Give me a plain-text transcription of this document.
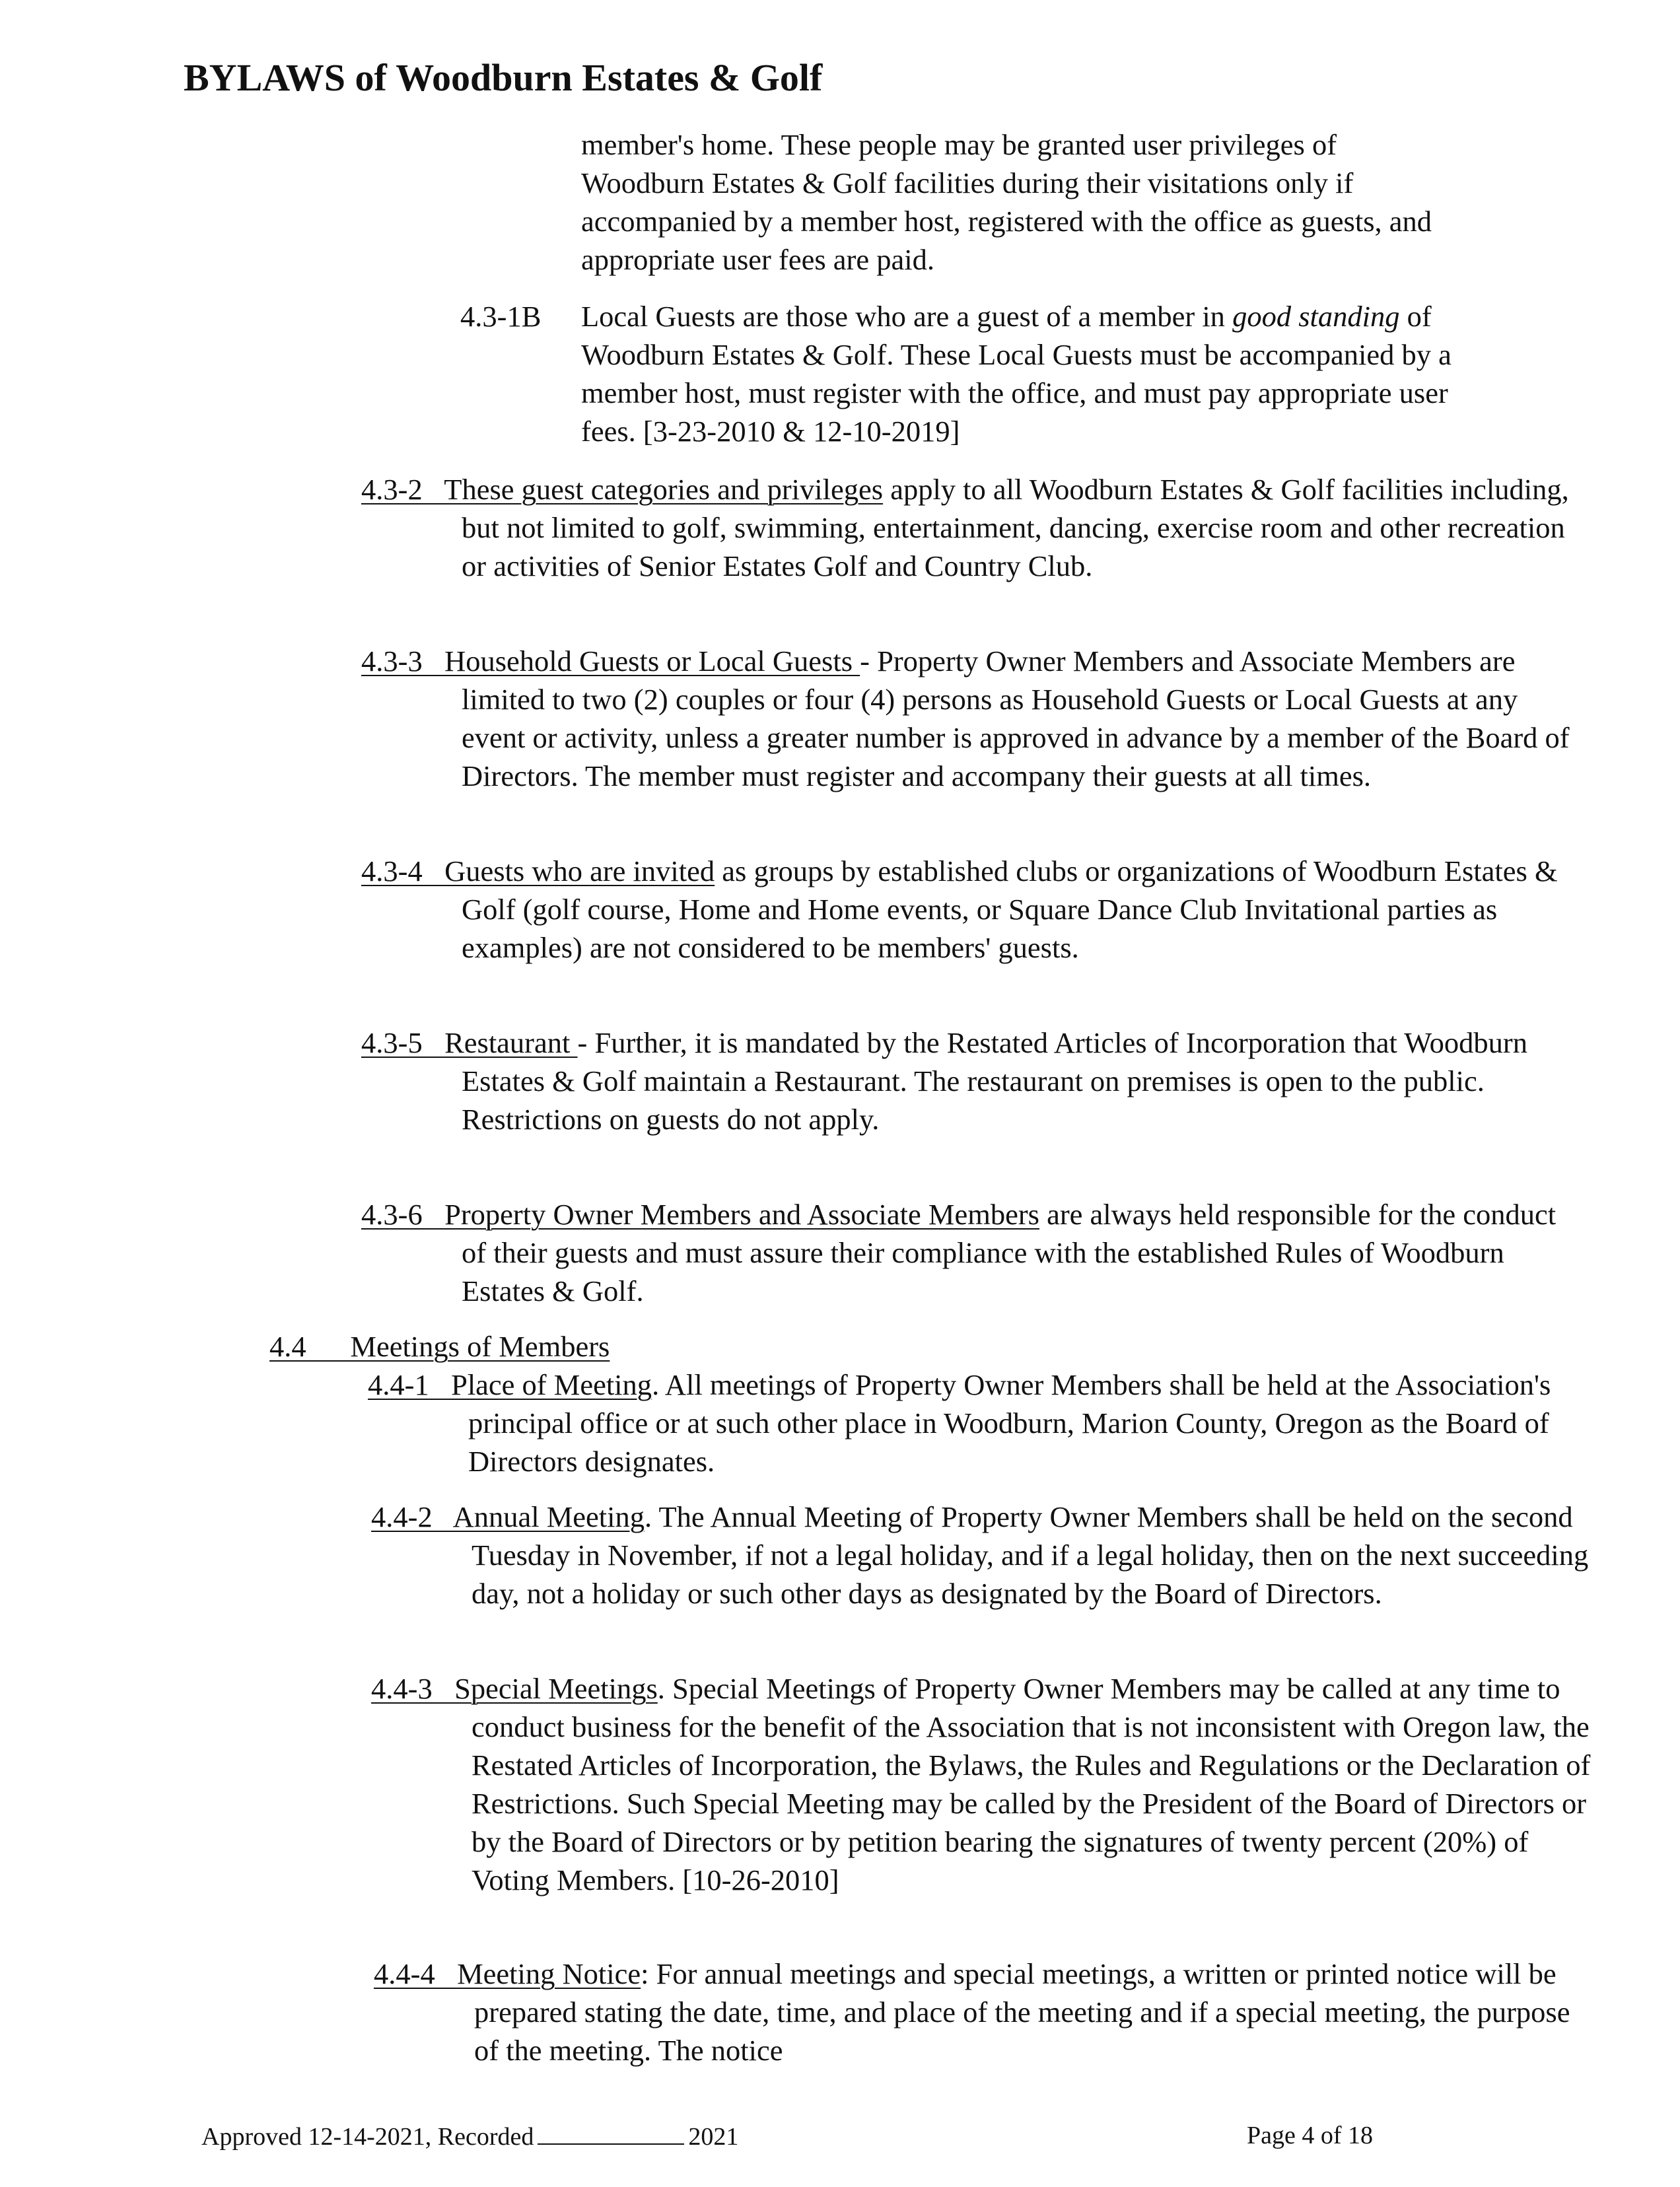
BYLAWS of Woodburn Estates & Golf

member's home. These people may be granted user privileges of Woodburn Estates & Golf facilities during their visitations only if accompanied by a member host, registered with the office as guests, and appropriate user fees are paid.

4.3-1B Local Guests are those who are a guest of a member in good standing of Woodburn Estates & Golf. These Local Guests must be accompanied by a member host, must register with the office, and must pay appropriate user fees. [3-23-2010 & 12-10-2019]

4.3-2   These guest categories and privileges apply to all Woodburn Estates & Golf facilities including, but not limited to golf, swimming, entertainment, dancing, exercise room and other recreation or activities of Senior Estates Golf and Country Club.

4.3-3   Household Guests or Local Guests - Property Owner Members and Associate Members are limited to two (2) couples or four (4) persons as Household Guests or Local Guests at any event or activity, unless a greater number is approved in advance by a member of the Board of Directors. The member must register and accompany their guests at all times.

4.3-4   Guests who are invited as groups by established clubs or organizations of Woodburn Estates & Golf (golf course, Home and Home events, or Square Dance Club Invitational parties as examples) are not considered to be members' guests.

4.3-5   Restaurant - Further, it is mandated by the Restated Articles of Incorporation that Woodburn Estates & Golf maintain a Restaurant. The restaurant on premises is open to the public. Restrictions on guests do not apply.

4.3-6   Property Owner Members and Associate Members are always held responsible for the conduct of their guests and must assure their compliance with the established Rules of Woodburn Estates & Golf.

4.4      Meetings of Members

4.4-1   Place of Meeting. All meetings of Property Owner Members shall be held at the Association's principal office or at such other place in Woodburn, Marion County, Oregon as the Board of Directors designates.

4.4-2   Annual Meeting. The Annual Meeting of Property Owner Members shall be held on the second Tuesday in November, if not a legal holiday, and if a legal holiday, then on the next succeeding day, not a holiday or such other days as designated by the Board of Directors.

4.4-3   Special Meetings. Special Meetings of Property Owner Members may be called at any time to conduct business for the benefit of the Association that is not inconsistent with Oregon law, the Restated Articles of Incorporation, the Bylaws, the Rules and Regulations or the Declaration of Restrictions. Such Special Meeting may be called by the President of the Board of Directors or by the Board of Directors or by petition bearing the signatures of twenty percent (20%) of Voting Members. [10-26-2010]

4.4-4   Meeting Notice: For annual meetings and special meetings, a written or printed notice will be prepared stating the date, time, and place of the meeting and if a special meeting, the purpose of the meeting. The notice

Approved 12-14-2021, Recorded	2021	Page 4 of 18
